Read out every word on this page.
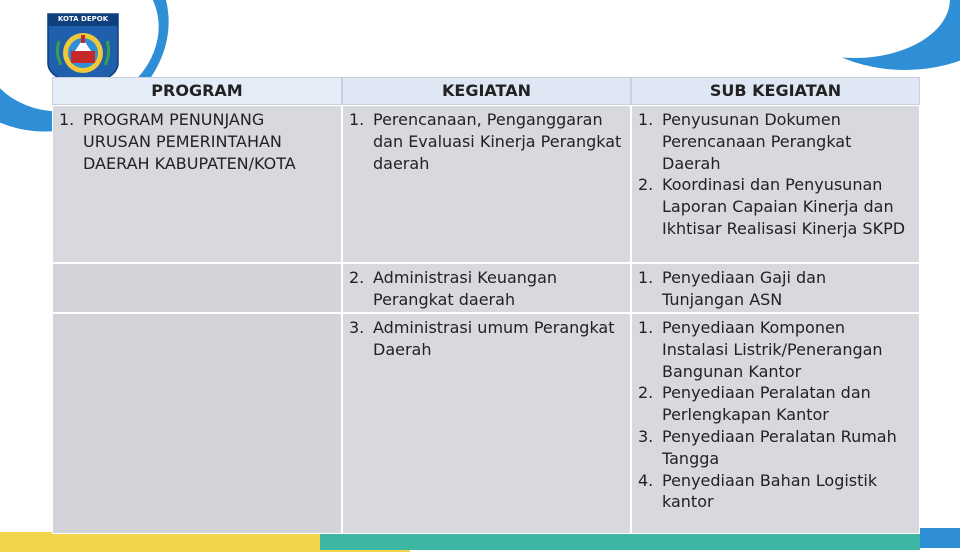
KOTA DEPOK
PROGRAM	KEGIATAN	SUB KEGIATAN
1. PROGRAM PENUNJANG URUSAN PEMERINTAHAN DAERAH KABUPATEN/KOTA
1. Perencanaan, Penganggaran dan Evaluasi Kinerja Perangkat daerah
1. Penyusunan Dokumen Perencanaan Perangkat Daerah
2. Koordinasi dan Penyusunan Laporan Capaian Kinerja dan Ikhtisar Realisasi Kinerja SKPD
2. Administrasi Keuangan Perangkat daerah
1. Penyediaan Gaji dan Tunjangan ASN
3. Administrasi umum Perangkat Daerah
1. Penyediaan Komponen Instalasi Listrik/Penerangan Bangunan Kantor
2. Penyediaan Peralatan dan Perlengkapan Kantor
3. Penyediaan Peralatan Rumah Tangga
4. Penyediaan Bahan Logistik kantor
